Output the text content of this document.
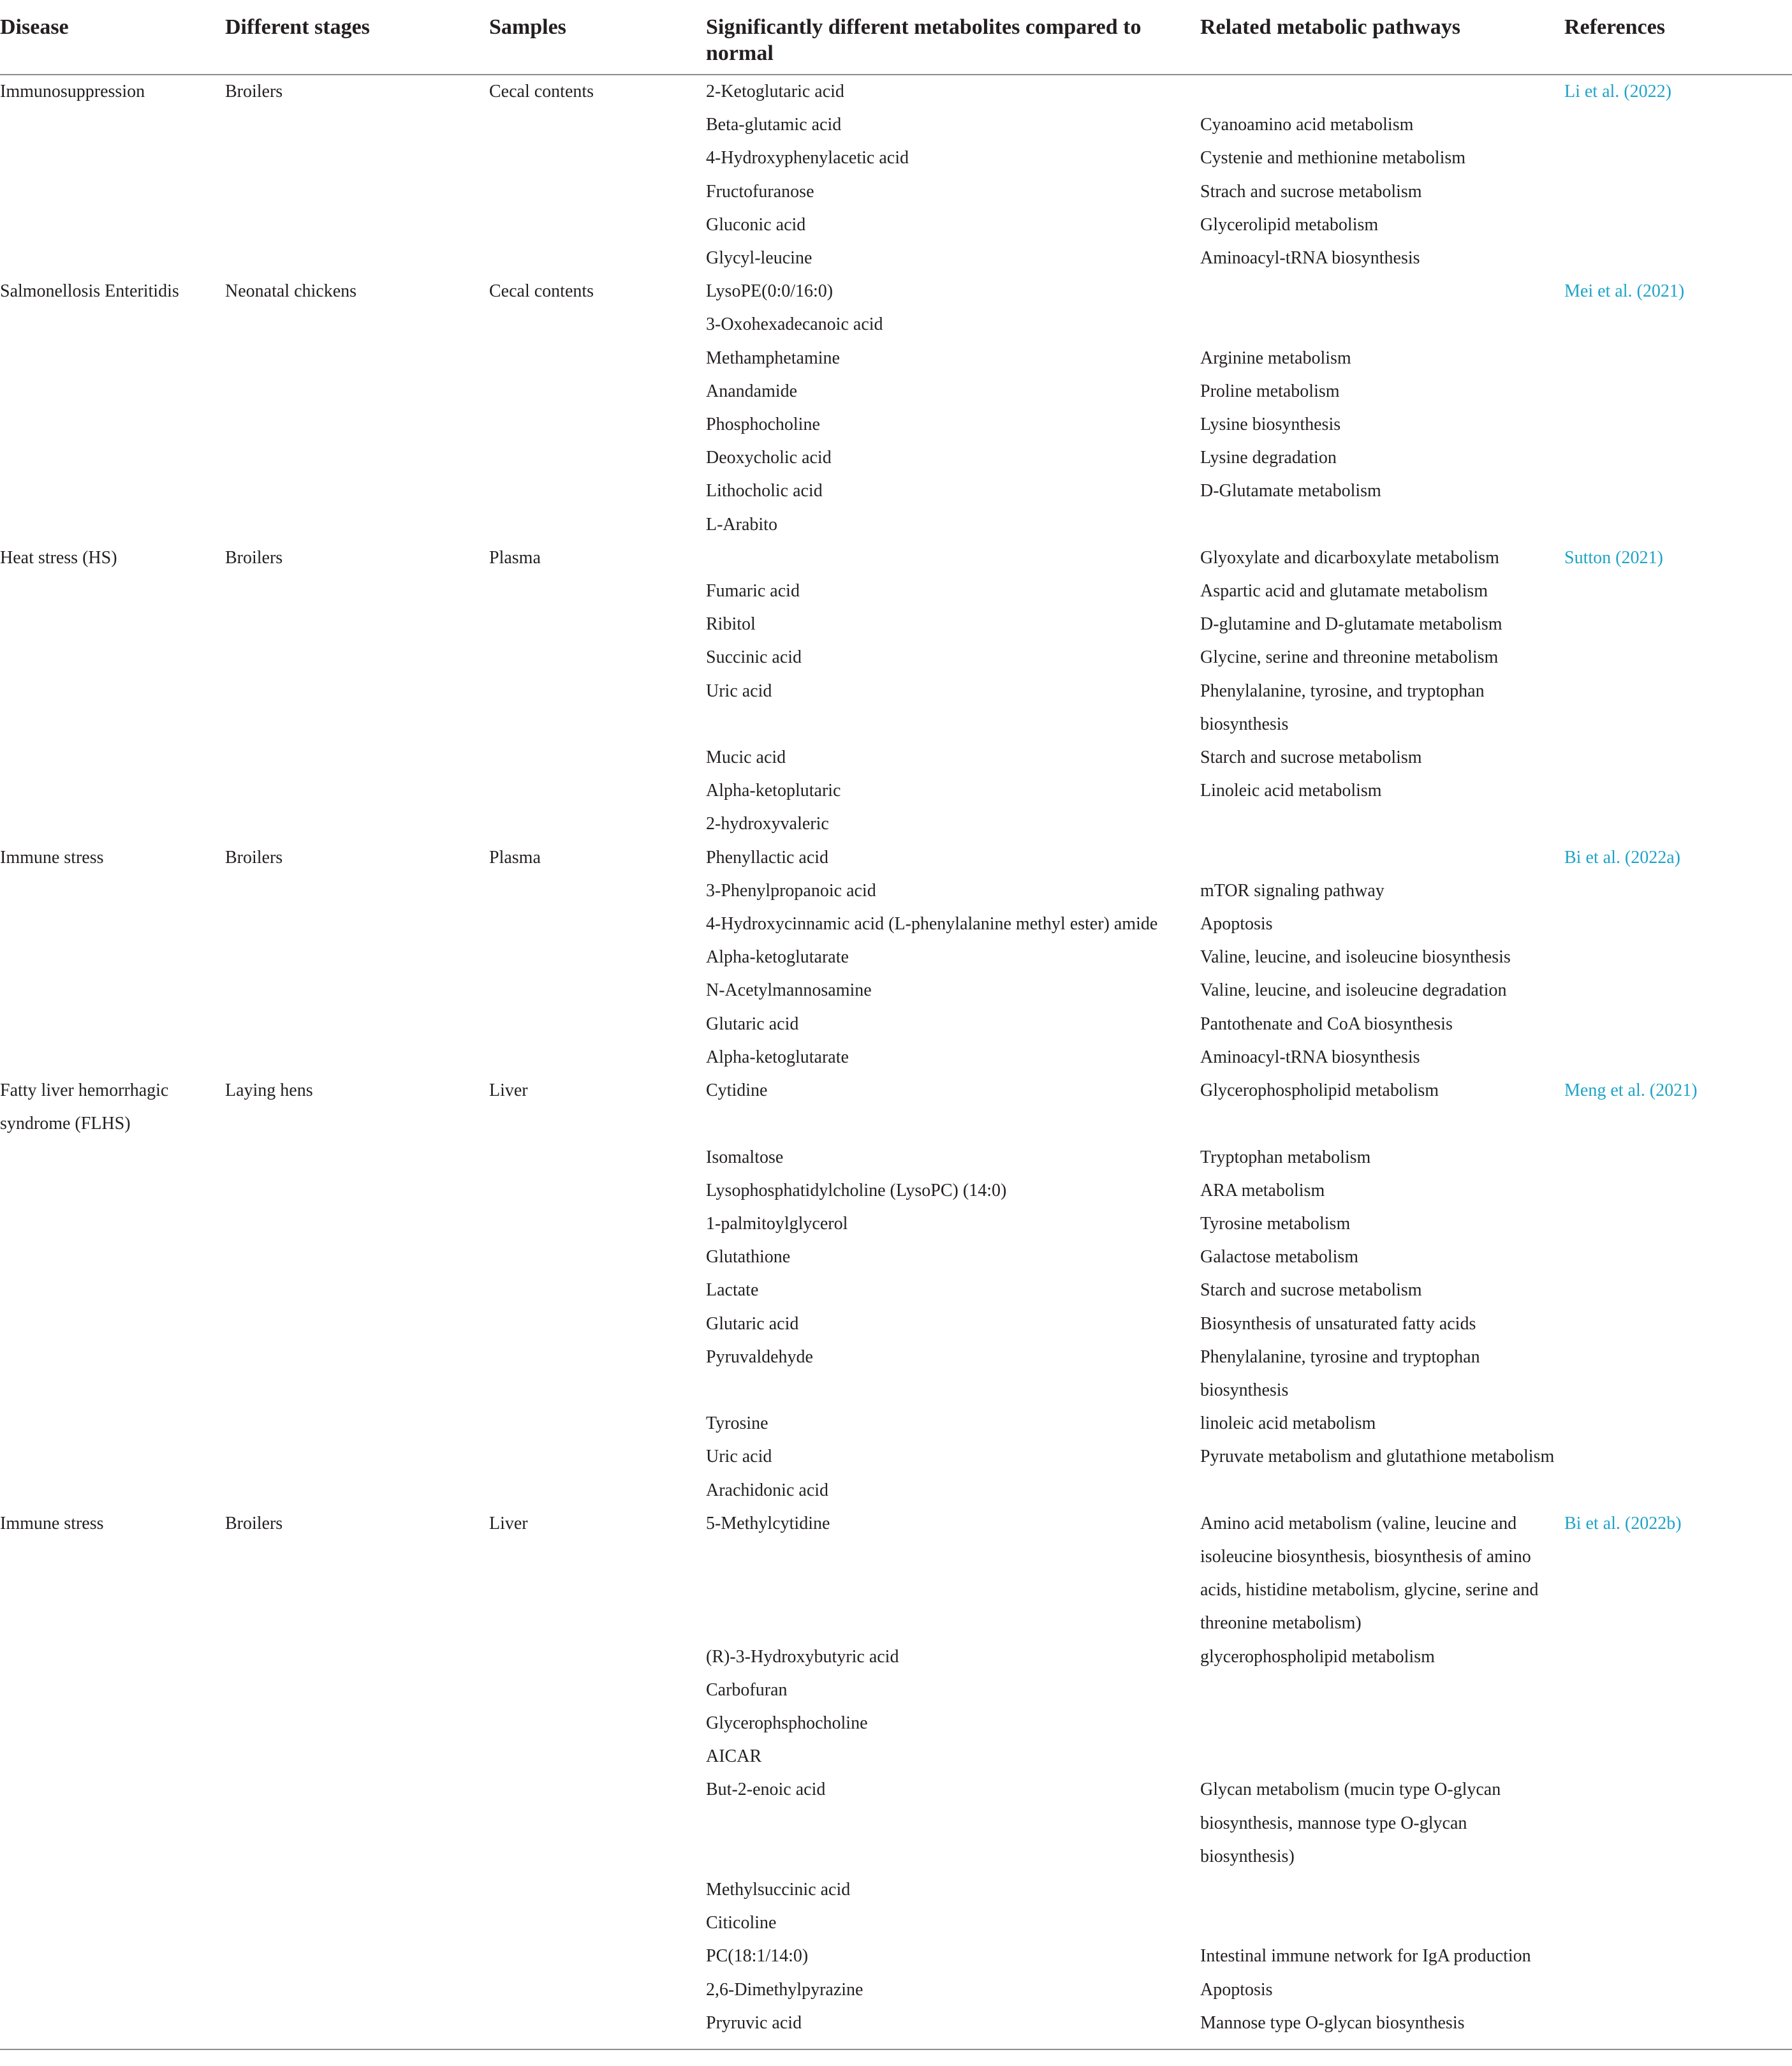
Disease	Different stages	Samples	Significantly different metabolites compared to normal	Related metabolic pathways	References
Immunosuppression	Broilers	Cecal contents	2-Ketoglutaric acid		Li et al. (2022)
			Beta-glutamic acid	Cyanoamino acid metabolism	
			4-Hydroxyphenylacetic acid	Cystenie and methionine metabolism	
			Fructofuranose	Strach and sucrose metabolism	
			Gluconic acid	Glycerolipid metabolism	
			Glycyl-leucine	Aminoacyl-tRNA biosynthesis	
Salmonellosis Enteritidis	Neonatal chickens	Cecal contents	LysoPE(0:0/16:0)		Mei et al. (2021)
			3-Oxohexadecanoic acid		
			Methamphetamine	Arginine metabolism	
			Anandamide	Proline metabolism	
			Phosphocholine	Lysine biosynthesis	
			Deoxycholic acid	Lysine degradation	
			Lithocholic acid	D-Glutamate metabolism	
			L-Arabito		
Heat stress (HS)	Broilers	Plasma		Glyoxylate and dicarboxylate metabolism	Sutton (2021)
			Fumaric acid	Aspartic acid and glutamate metabolism	
			Ribitol	D-glutamine and D-glutamate metabolism	
			Succinic acid	Glycine, serine and threonine metabolism	
			Uric acid	Phenylalanine, tyrosine, and tryptophan biosynthesis	
			Mucic acid	Starch and sucrose metabolism	
			Alpha-ketoplutaric	Linoleic acid metabolism	
			2-hydroxyvaleric		
Immune stress	Broilers	Plasma	Phenyllactic acid		Bi et al. (2022a)
			3-Phenylpropanoic acid	mTOR signaling pathway	
			4-Hydroxycinnamic acid (L-phenylalanine methyl ester) amide	Apoptosis	
			Alpha-ketoglutarate	Valine, leucine, and isoleucine biosynthesis	
			N-Acetylmannosamine	Valine, leucine, and isoleucine degradation	
			Glutaric acid	Pantothenate and CoA biosynthesis	
			Alpha-ketoglutarate	Aminoacyl-tRNA biosynthesis	
Fatty liver hemorrhagic syndrome (FLHS)	Laying hens	Liver	Cytidine	Glycerophospholipid metabolism	Meng et al. (2021)
			Isomaltose	Tryptophan metabolism	
			Lysophosphatidylcholine (LysoPC) (14:0)	ARA metabolism	
			1-palmitoylglycerol	Tyrosine metabolism	
			Glutathione	Galactose metabolism	
			Lactate	Starch and sucrose metabolism	
			Glutaric acid	Biosynthesis of unsaturated fatty acids	
			Pyruvaldehyde	Phenylalanine, tyrosine and tryptophan biosynthesis	
			Tyrosine	linoleic acid metabolism	
			Uric acid	Pyruvate metabolism and glutathione metabolism	
			Arachidonic acid		
Immune stress	Broilers	Liver	5-Methylcytidine	Amino acid metabolism (valine, leucine and isoleucine biosynthesis, biosynthesis of amino acids, histidine metabolism, glycine, serine and threonine metabolism)	Bi et al. (2022b)
			(R)-3-Hydroxybutyric acid	glycerophospholipid metabolism	
			Carbofuran		
			Glycerophsphocholine		
			AICAR		
			But-2-enoic acid	Glycan metabolism (mucin type O-glycan biosynthesis, mannose type O-glycan biosynthesis)	
			Methylsuccinic acid		
			Citicoline		
			PC(18:1/14:0)	Intestinal immune network for IgA production	
			2,6-Dimethylpyrazine	Apoptosis	
			Pryruvic acid	Mannose type O-glycan biosynthesis	
